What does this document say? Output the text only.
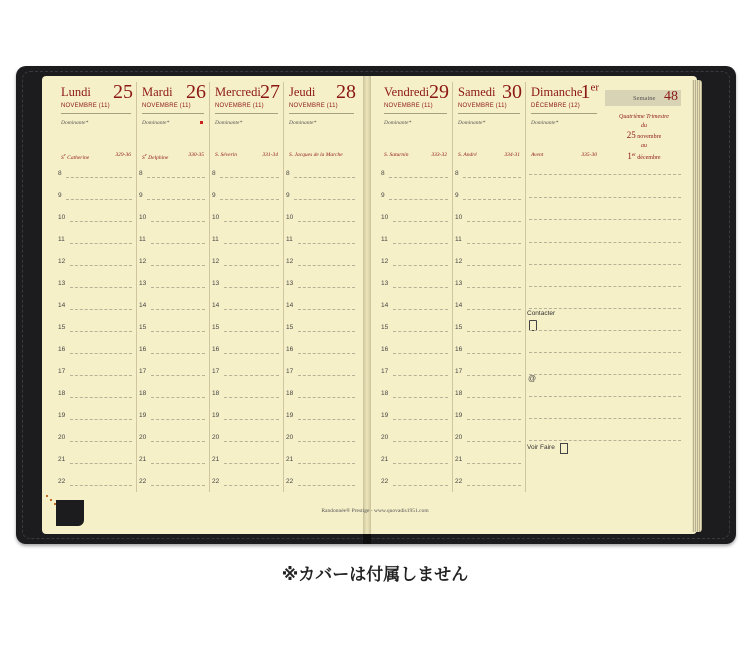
Lundi 25
NOVEMBRE (11)
Dominante*
$S^e$ Catherine	329-36
8
9
10
11
12
13
14
15
16
17
18
19
20
21
22
Mardi 26
NOVEMBRE (11)
Dominante*
$S^e$ Delphine	330-35
8
9
10
11
12
13
14
15
16
17
18
19
20
21
22
Mercredi 27
NOVEMBRE (11)
Dominante*
S. Séverin	331-34
8
9
10
11
12
13
14
15
16
17
18
19
20
21
22
Jeudi 28
NOVEMBRE (11)
Dominante*
S. Jacques de la Marche
8
9
10
11
12
13
14
15
16
17
18
19
20
21
22
Vendredi 29
NOVEMBRE (11)
Dominante*
S. Saturnin	333-32
8
9
10
11
12
13
14
15
16
17
18
19
20
21
22
Samedi 30
NOVEMBRE (11)
Dominante*
S. André	334-31
8
9
10
11
12
13
14
15
16
17
18
19
20
21
22
Dimanche
1er
DÉCEMBRE (12)
Dominante*
Avent	335-30
Semaine 48
Quatrième Trimestre
du
25 novembre
au
1er décembre
Contacter
@
Voir Faire
Randonnée® Prestige - www.quovadis1951.com
※カバーは付属しません
